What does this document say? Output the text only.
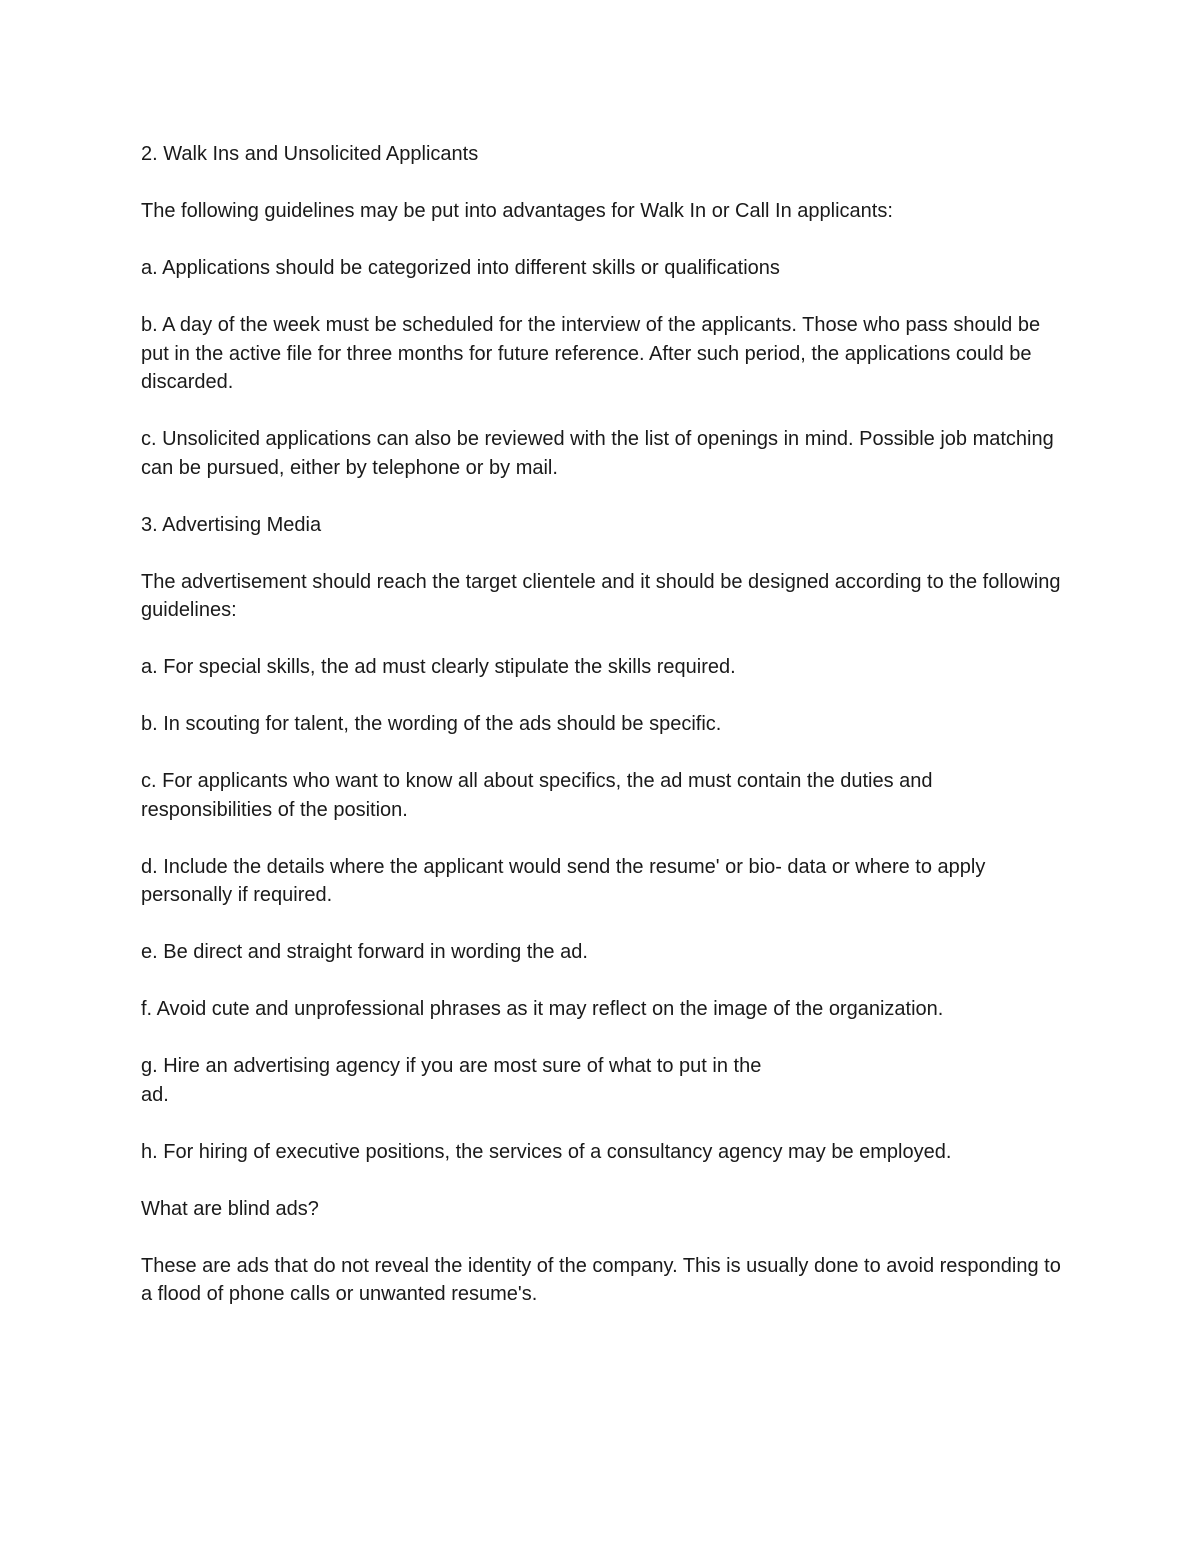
2. Walk Ins and Unsolicited Applicants

The following guidelines may be put into advantages for Walk In or Call In applicants:

a. Applications should be categorized into different skills or qualifications

b. A day of the week must be scheduled for the interview of the applicants. Those who pass should be put in the active file for three months for future reference. After such period, the applications could be discarded.

c. Unsolicited applications can also be reviewed with the list of openings in mind. Possible job matching can be pursued, either by telephone or by mail.

3. Advertising Media

The advertisement should reach the target clientele and it should be designed according to the following guidelines:

a. For special skills, the ad must clearly stipulate the skills required.

b. In scouting for talent, the wording of the ads should be specific.

c. For applicants who want to know all about specifics, the ad must contain the duties and responsibilities of the position.

d. Include the details where the applicant would send the resume' or bio- data or where to apply personally if required.

e. Be direct and straight forward in wording the ad.

f. Avoid cute and unprofessional phrases as it may reflect on the image of the organization.

g. Hire an advertising agency if you are most sure of what to put in the
ad.

h. For hiring of executive positions, the services of a consultancy agency may be employed.

What are blind ads?

These are ads that do not reveal the identity of the company. This is usually done to avoid responding to a flood of phone calls or unwanted resume's.
